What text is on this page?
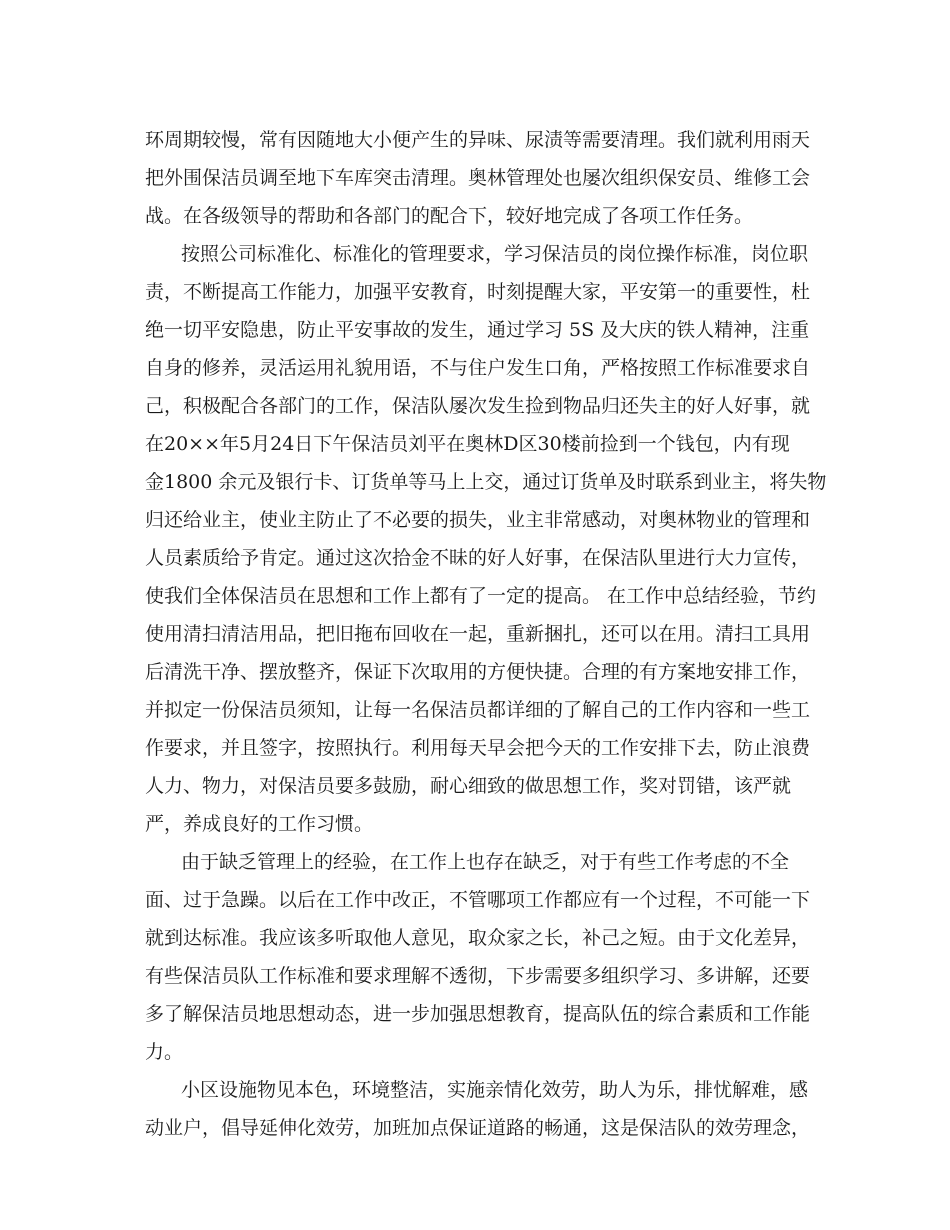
环周期较慢，常有因随地大小便产生的异味、尿渍等需要清理。我们就利用雨天
把外围保洁员调至地下车库突击清理。奥林管理处也屡次组织保安员、维修工会
战。在各级领导的帮助和各部门的配合下，较好地完成了各项工作任务。
按照公司标准化、标准化的管理要求，学习保洁员的岗位操作标准，岗位职
责，不断提高工作能力，加强平安教育，时刻提醒大家，平安第一的重要性，杜
绝一切平安隐患，防止平安事故的发生，通过学习 5S 及大庆的铁人精神，注重
自身的修养，灵活运用礼貌用语，不与住户发生口角，严格按照工作标准要求自
己，积极配合各部门的工作，保洁队屡次发生捡到物品归还失主的好人好事，就
在20××年5月24日下午保洁员刘平在奥林D区30楼前捡到一个钱包，内有现
金1800 余元及银行卡、订货单等马上上交，通过订货单及时联系到业主，将失物
归还给业主，使业主防止了不必要的损失，业主非常感动，对奥林物业的管理和
人员素质给予肯定。通过这次拾金不昧的好人好事，在保洁队里进行大力宣传，
使我们全体保洁员在思想和工作上都有了一定的提高。 在工作中总结经验，节约
使用清扫清洁用品，把旧拖布回收在一起，重新捆扎，还可以在用。清扫工具用
后清洗干净、摆放整齐，保证下次取用的方便快捷。合理的有方案地安排工作，
并拟定一份保洁员须知，让每一名保洁员都详细的了解自己的工作内容和一些工
作要求，并且签字，按照执行。利用每天早会把今天的工作安排下去，防止浪费
人力、物力，对保洁员要多鼓励，耐心细致的做思想工作，奖对罚错，该严就
严，养成良好的工作习惯。
由于缺乏管理上的经验，在工作上也存在缺乏，对于有些工作考虑的不全
面、过于急躁。以后在工作中改正，不管哪项工作都应有一个过程，不可能一下
就到达标准。我应该多听取他人意见，取众家之长，补己之短。由于文化差异，
有些保洁员队工作标准和要求理解不透彻，下步需要多组织学习、多讲解，还要
多了解保洁员地思想动态，进一步加强思想教育，提高队伍的综合素质和工作能
力。
小区设施物见本色，环境整洁，实施亲情化效劳，助人为乐，排忧解难，感
动业户，倡导延伸化效劳，加班加点保证道路的畅通，这是保洁队的效劳理念，
